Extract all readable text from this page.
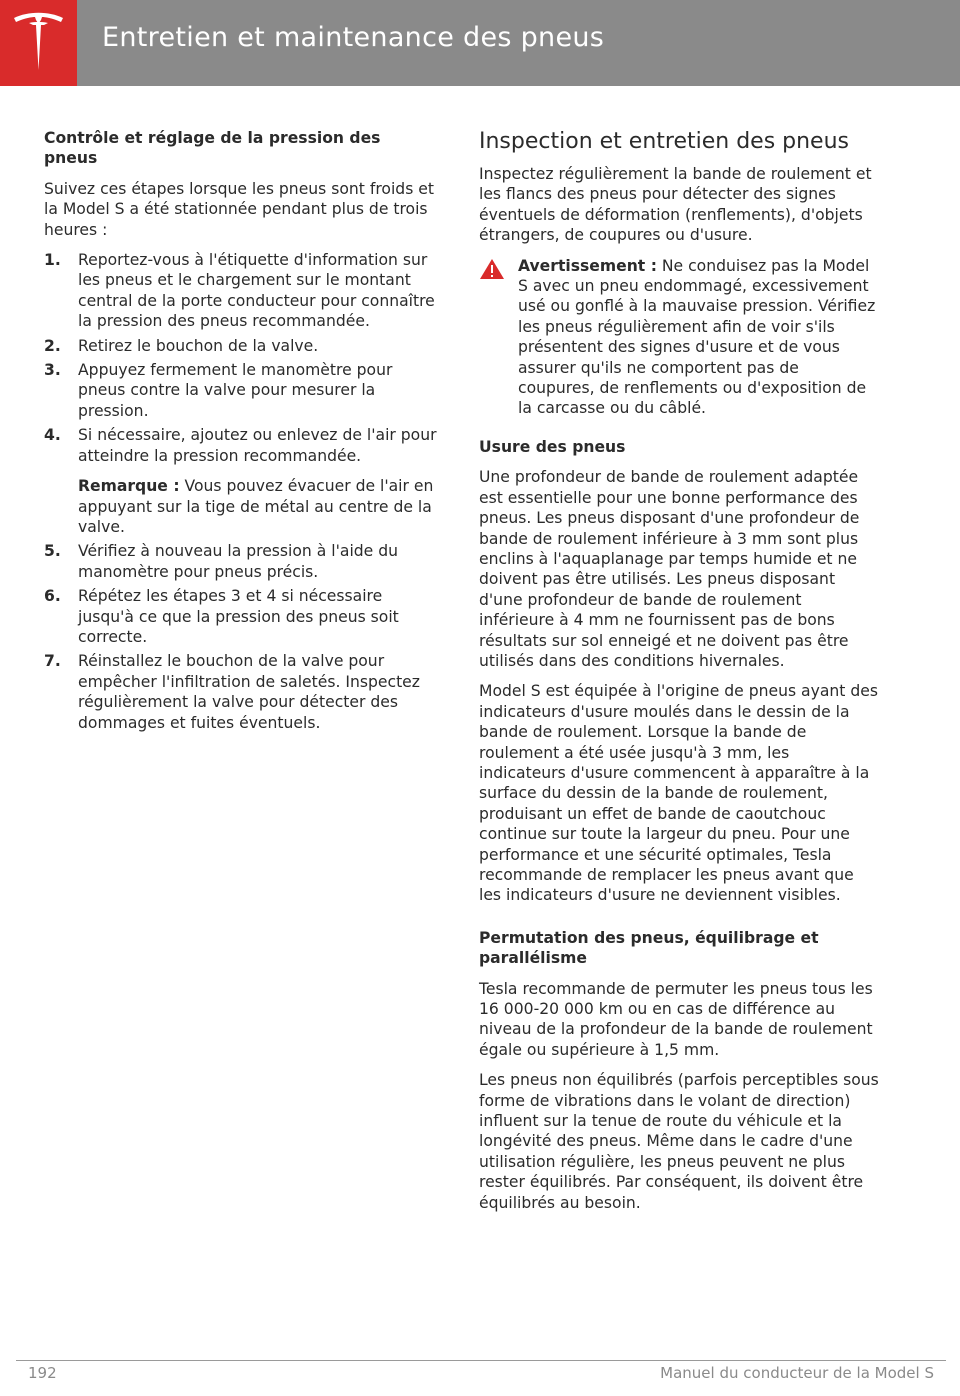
Entretien et maintenance des pneus
Contrôle et réglage de la pression des pneus

Suivez ces étapes lorsque les pneus sont froids et la Model S a été stationnée pendant plus de trois heures :

1. Reportez-vous à l'étiquette d'information sur les pneus et le chargement sur le montant central de la porte conducteur pour connaître la pression des pneus recommandée.
2. Retirez le bouchon de la valve.
3. Appuyez fermement le manomètre pour pneus contre la valve pour mesurer la pression.
4. Si nécessaire, ajoutez ou enlevez de l'air pour atteindre la pression recommandée.
Remarque : Vous pouvez évacuer de l'air en appuyant sur la tige de métal au centre de la valve.
5. Vérifiez à nouveau la pression à l'aide du manomètre pour pneus précis.
6. Répétez les étapes 3 et 4 si nécessaire jusqu'à ce que la pression des pneus soit correcte.
7. Réinstallez le bouchon de la valve pour empêcher l'infiltration de saletés. Inspectez régulièrement la valve pour détecter des dommages et fuites éventuels.
Inspection et entretien des pneus

Inspectez régulièrement la bande de roulement et les flancs des pneus pour détecter des signes éventuels de déformation (renflements), d'objets étrangers, de coupures ou d'usure.

Avertissement : Ne conduisez pas la Model S avec un pneu endommagé, excessivement usé ou gonflé à la mauvaise pression. Vérifiez les pneus régulièrement afin de voir s'ils présentent des signes d'usure et de vous assurer qu'ils ne comportent pas de coupures, de renflements ou d'exposition de la carcasse ou du câblé.
Usure des pneus

Une profondeur de bande de roulement adaptée est essentielle pour une bonne performance des pneus. Les pneus disposant d'une profondeur de bande de roulement inférieure à 3 mm sont plus enclins à l'aquaplanage par temps humide et ne doivent pas être utilisés. Les pneus disposant d'une profondeur de bande de roulement inférieure à 4 mm ne fournissent pas de bons résultats sur sol enneigé et ne doivent pas être utilisés dans des conditions hivernales.

Model S est équipée à l'origine de pneus ayant des indicateurs d'usure moulés dans le dessin de la bande de roulement. Lorsque la bande de roulement a été usée jusqu'à 3 mm, les indicateurs d'usure commencent à apparaître à la surface du dessin de la bande de roulement, produisant un effet de bande de caoutchouc continue sur toute la largeur du pneu. Pour une performance et une sécurité optimales, Tesla recommande de remplacer les pneus avant que les indicateurs d'usure ne deviennent visibles.

Permutation des pneus, équilibrage et parallélisme

Tesla recommande de permuter les pneus tous les 16 000-20 000 km ou en cas de différence au niveau de la profondeur de la bande de roulement égale ou supérieure à 1,5 mm.

Les pneus non équilibrés (parfois perceptibles sous forme de vibrations dans le volant de direction) influent sur la tenue de route du véhicule et la longévité des pneus. Même dans le cadre d'une utilisation régulière, les pneus peuvent ne plus rester équilibrés. Par conséquent, ils doivent être équilibrés au besoin.

192	Manuel du conducteur de la Model S
